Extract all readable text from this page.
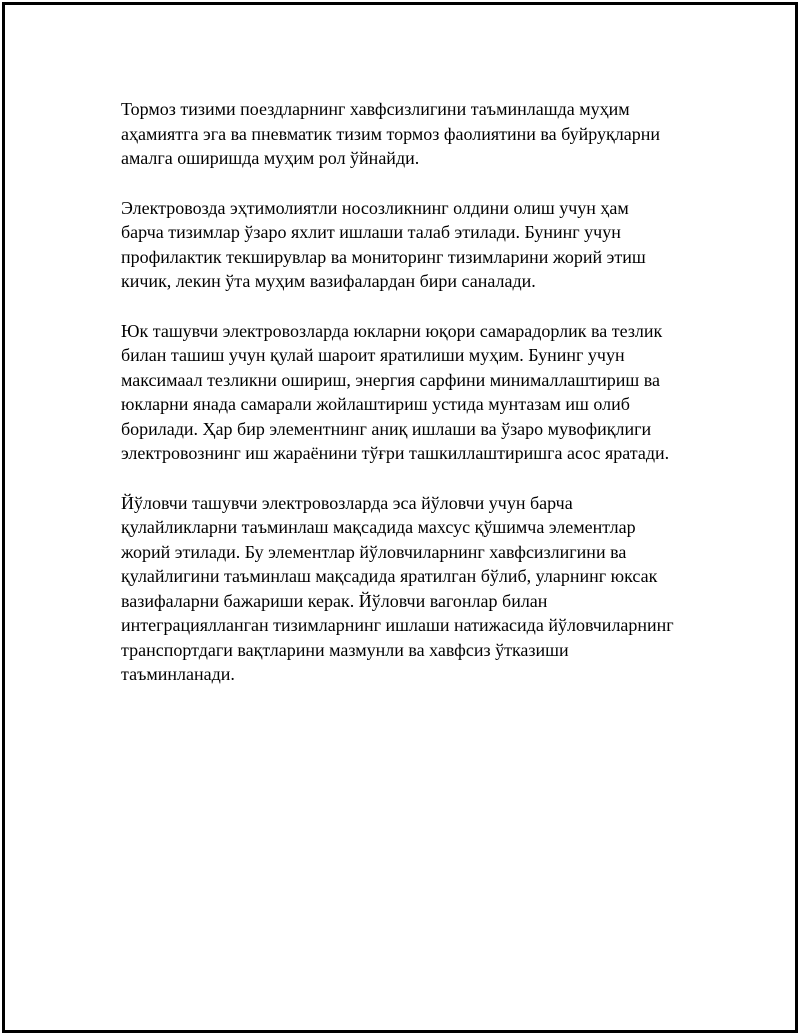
Тормоз тизими поездларнинг хавфсизлигини таъминлашда муҳим
аҳамиятга эга ва пневматик тизим тормоз фаолиятини ва буйруқларни
амалга оширишда муҳим рол ўйнайди.

Электровозда эҳтимолиятли носозликнинг олдини олиш учун ҳам
барча тизимлар ўзаро яхлит ишлаши талаб этилади. Бунинг учун
профилактик текширувлар ва мониторинг тизимларини жорий этиш
кичик, лекин ўта муҳим вазифалардан бири саналади.

Юк ташувчи электровозларда юкларни юқори самарадорлик ва тезлик
билан ташиш учун қулай шароит яратилиши муҳим. Бунинг учун
максимаал тезликни ошириш, энергия сарфини минималлаштириш ва
юкларни янада самарали жойлаштириш устида мунтазам иш олиб
борилади. Ҳар бир элементнинг аниқ ишлаши ва ўзаро мувофиқлиги
электровознинг иш жараёнини тўғри ташкиллаштиришга асос яратади.

Йўловчи ташувчи электровозларда эса йўловчи учун барча
қулайликларни таъминлаш мақсадида махсус қўшимча элементлар
жорий этилади. Бу элементлар йўловчиларнинг хавфсизлигини ва
қулайлигини таъминлаш мақсадида яратилган бўлиб, уларнинг юксак
вазифаларни бажариши керак. Йўловчи вагонлар билан
интеграциялланган тизимларнинг ишлаши натижасида йўловчиларнинг
транспортдаги вақтларини мазмунли ва хавфсиз ўтказиши
таъминланади.
